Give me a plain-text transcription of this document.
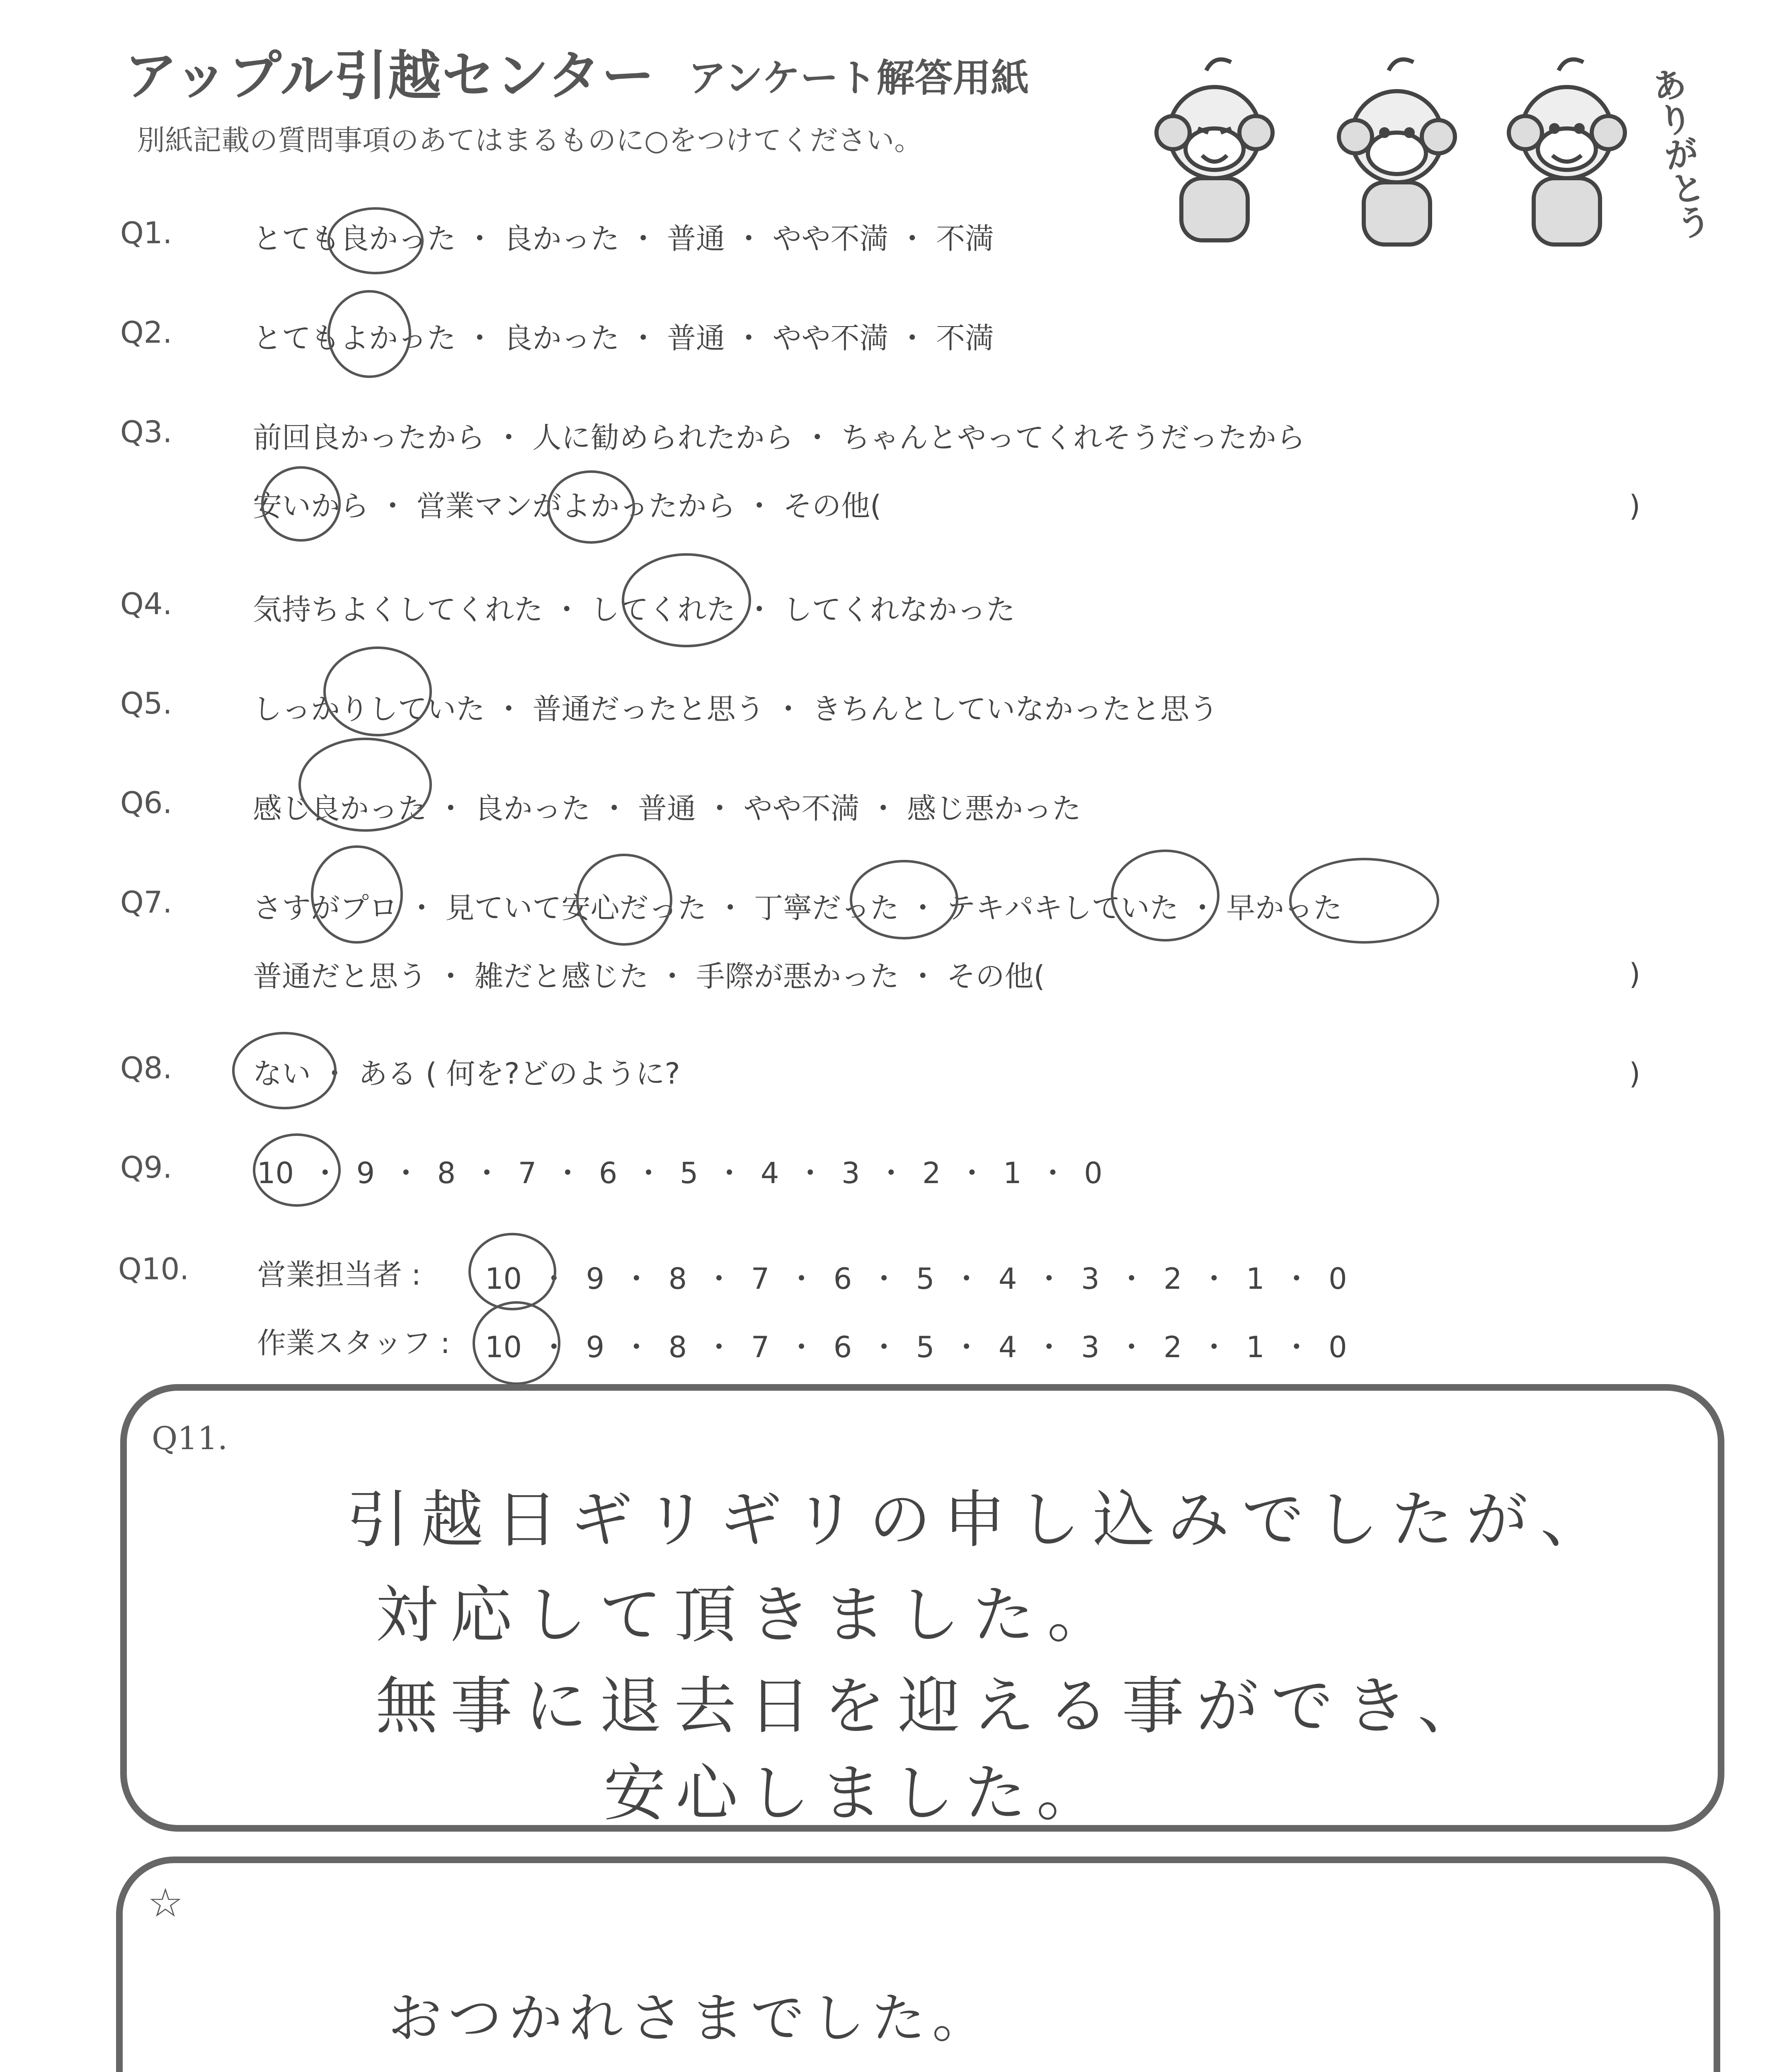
アップル引越センター アンケート解答用紙
別紙記載の質問事項のあてはまるものに○をつけてください。	ありがとう
Q1.	とても良かった ・ 良かった ・ 普通 ・ やや不満 ・ 不満
Q2.	とてもよかった ・ 良かった ・ 普通 ・ やや不満 ・ 不満
Q3.	前回良かったから ・ 人に勧められたから ・ ちゃんとやってくれそうだったから
安いから ・ 営業マンがよかったから ・ その他(	)
Q4.	気持ちよくしてくれた ・ してくれた ・ してくれなかった
Q5.	しっかりしていた ・ 普通だったと思う ・ きちんとしていなかったと思う
Q6.	感じ良かった ・ 良かった ・ 普通 ・ やや不満 ・ 感じ悪かった
Q7.	さすがプロ ・ 見ていて安心だった ・ 丁寧だった ・ テキパキしていた ・ 早かった
普通だと思う ・ 雑だと感じた ・ 手際が悪かった ・ その他(	)
Q8.	ない ・ ある ( 何を?どのように?	)
Q9.	10 ・ 9 ・ 8 ・ 7 ・ 6 ・ 5 ・ 4 ・ 3 ・ 2 ・ 1 ・ 0
Q10. 営業担当者 : 10 ・ 9 ・ 8 ・ 7 ・ 6 ・ 5 ・ 4 ・ 3 ・ 2 ・ 1 ・ 0
作業スタッフ : 10 ・ 9 ・ 8 ・ 7 ・ 6 ・ 5 ・ 4 ・ 3 ・ 2 ・ 1 ・ 0
Q11.
引越日ギリギリの申し込みでしたが、
対応して頂きました。
無事に退去日を迎える事ができ、
安心しました。
☆
おつかれさまでした。
